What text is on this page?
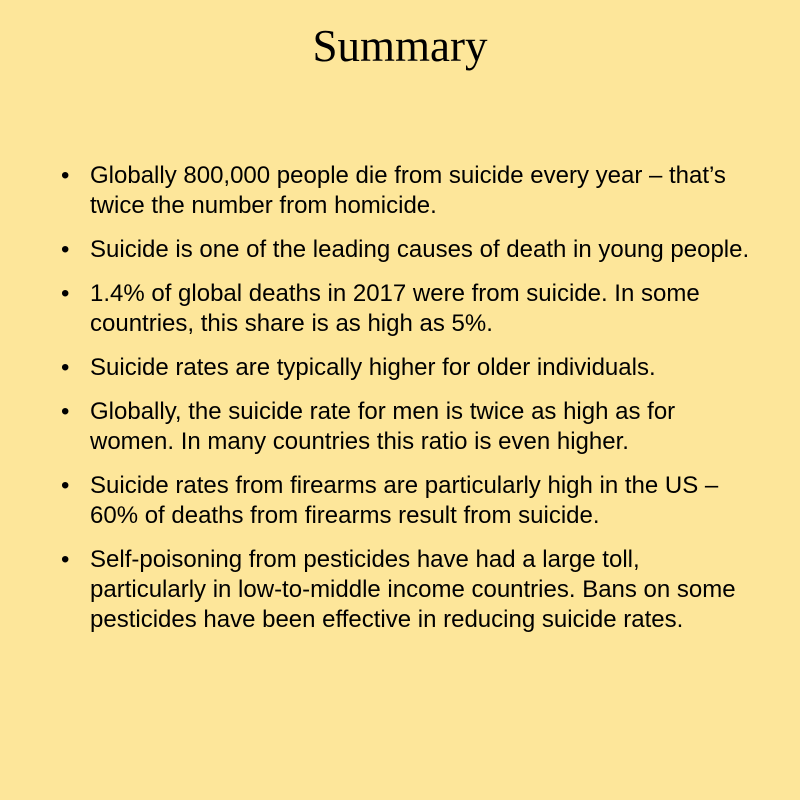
Summary
• Globally 800,000 people die from suicide every year – that’s twice the number from homicide.
• Suicide is one of the leading causes of death in young people.
• 1.4% of global deaths in 2017 were from suicide. In some countries, this share is as high as 5%.
• Suicide rates are typically higher for older individuals.
• Globally, the suicide rate for men is twice as high as for women. In many countries this ratio is even higher.
• Suicide rates from firearms are particularly high in the US – 60% of deaths from firearms result from suicide.
• Self-poisoning from pesticides have had a large toll, particularly in low-to-middle income countries. Bans on some pesticides have been effective in reducing suicide rates.
